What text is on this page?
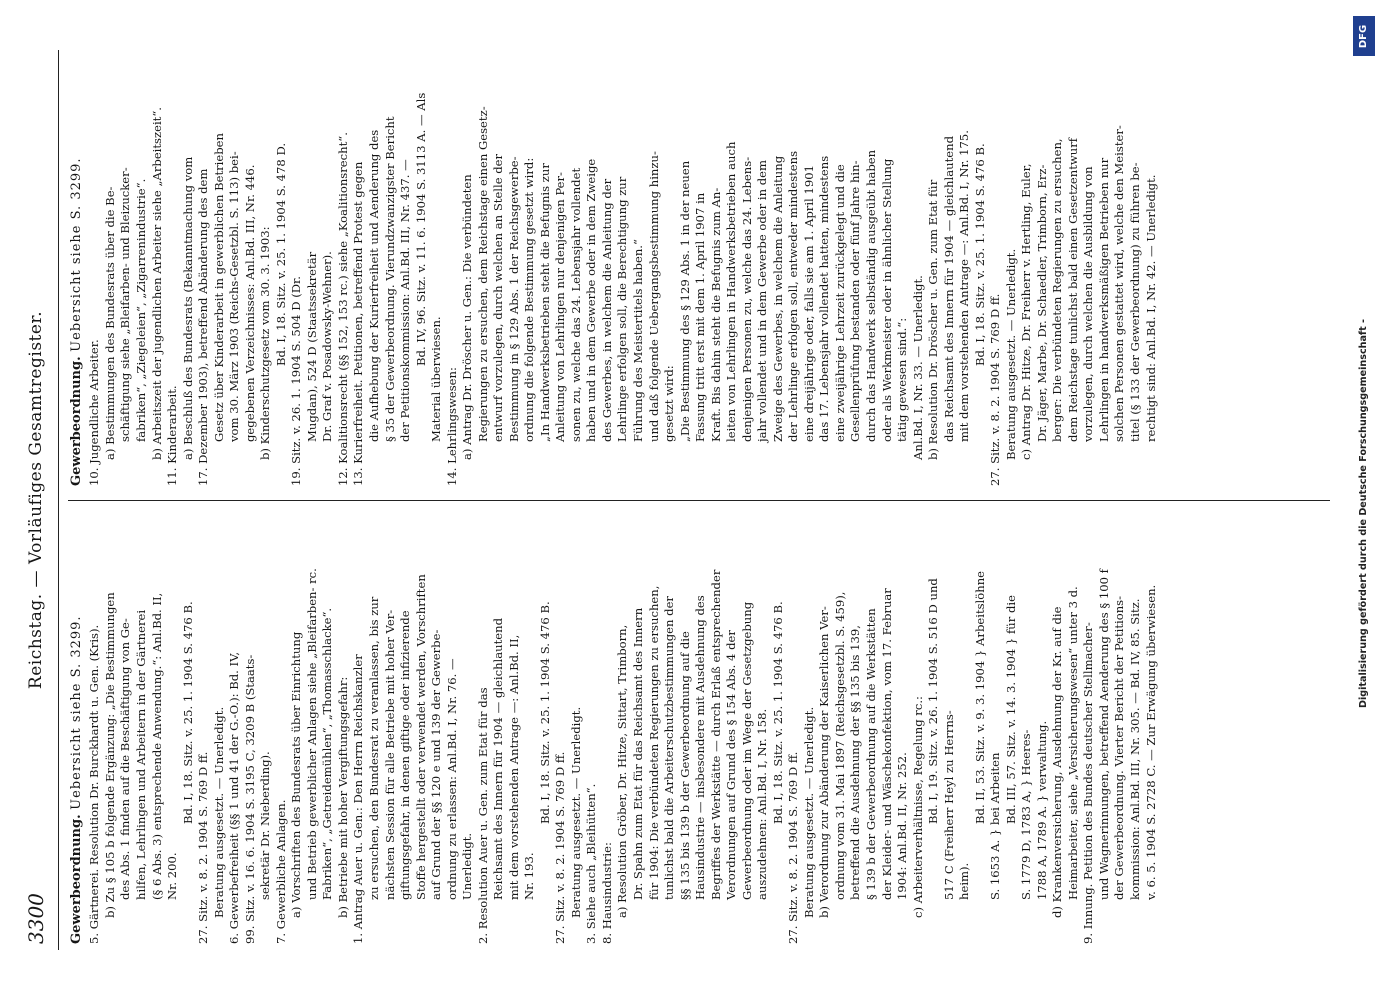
3300
Reichstag. — Vorläufiges Gesamtregister.

Gewerbeordnung. Uebersicht siehe S. 3299. 5. Gärtnerei. Resolution Dr. Burckhardt u. Gen. (Kris). b) Zu § 105 b folgende Ergänzung: „Die Bestimmungen des Abs. 1 finden auf die Beschäftigung von Ge- hilfen, Lehrlingen und Arbeitern in der Gärtnerei (§ 6 Abs. 3) entsprechende Anwendung.“: Anl.Bd. II, Nr. 200.

Bd. I, 18. Sitz. v. 25. 1. 1904 S. 476 B.

27. Sitz. v. 8. 2. 1904 S. 769 D ff. Beratung ausgesetzt. — Unerledigt. 6. Gewerbefreiheit (§§ 1 und 41 der G.-O.): Bd. IV, 99. Sitz. v. 16. 6. 1904 S. 3195 C, 3209 B (Staats- sekretär Dr. Nieberding). 7. Gewerbliche Anlagen. a) Vorschriften des Bundesrats über Einrichtung und Betrieb gewerblicher Anlagen siehe „Bleifarben- rc. Fabriken“, „Getreidemühlen“, „Thomasschlacke“. b) Betriebe mit hoher Vergiftungsgefahr: 1. Antrag Auer u. Gen.: Den Herrn Reichskanzler zu ersuchen, den Bundesrat zu veranlassen, bis zur nächsten Session für alle Betriebe mit hoher Ver- giftungsgefahr, in denen giftige oder infizierende Stoffe hergestellt oder verwendet werden, Vorschriften auf Grund der §§ 120 e und 139 der Gewerbe- ordnung zu erlassen: Anl.Bd. I, Nr. 76. — Unerledigt. 2. Resolution Auer u. Gen. zum Etat für das Reichsamt des Innern für 1904 — gleichlautend mit dem vorstehenden Antrage —: Anl.Bd. II, Nr. 193.

Bd. I, 18. Sitz. v. 25. 1. 1904 S. 476 B.

27. Sitz. v. 8. 2. 1904 S. 769 D ff. Beratung ausgesetzt. — Unerledigt. 3. Siehe auch „Bleihütten“. 8. Hausindustrie: a) Resolution Gröber, Dr. Hitze, Sittart, Trimborn, Dr. Spahn zum Etat für das Reichsamt des Innern für 1904: Die verbündeten Regierungen zu ersuchen, tunlichst bald die Arbeiterschutzbestimmungen der §§ 135 bis 139 b der Gewerbeordnung auf die Hausindustrie — insbesondere mit Ausdehnung des Begriffes der Werkstätte — durch Erlaß entsprechender Verordnungen auf Grund des § 154 Abs. 4 der Gewerbeordnung oder im Wege der Gesetzgebung auszudehnen: Anl.Bd. I, Nr. 158. Bd. I, 18. Sitz. v. 25. 1. 1904 S. 476 B.

27. Sitz. v. 8. 2. 1904 S. 769 D ff. Beratung ausgesetzt. — Unerledigt. b) Verordnung zur Abänderung der Kaiserlichen Ver- ordnung vom 31. Mai 1897 (Reichsgesetzbl. S. 459), betreffend die Ausdehnung der §§ 135 bis 139, § 139 b der Gewerbeordnung auf die Werkstätten der Kleider- und Wäschekonfektion, vom 17. Februar 1904: Anl.Bd. II, Nr. 252. c) Arbeiterverhältnisse, Regelung rc.: Bd. I, 19. Sitz. v. 26. 1. 1904 S. 516 D und 517 C (Freiherr Heyl zu Herrns- heim).

Bd. II, 53. Sitz. v. 9. 3. 1904 } Arbeitslöhne

S. 1653 A. } bei Arbeiten

Bd. III, 57. Sitz. v. 14. 3. 1904 } für die S. 1779 D, 1783 A, } Heeres- 1788 A, 1789 A. } verwaltung. d) Krankenversicherung, Ausdehnung der Kr. auf die Heimarbeiter, siehe „Versicherungswesen“ unter 3 d. 9. Innung. Petition des Bundes deutscher Stellmacher- und Wagnerinnungen, betreffend Aenderung des § 100 f der Gewerbeordnung. Vierter Bericht der Petitions- kommission: Anl.Bd. III, Nr. 305. — Bd. IV, 85. Sitz. v. 6. 5. 1904 S. 2728 C. — Zur Erwägung überwiesen.

Gewerbeordnung. Uebersicht siehe S. 3299.

10. Jugendliche Arbeiter. a) Bestimmungen des Bundesrats über die Be- schäftigung siehe „Bleifarben- und Bleizucker- fabriken“, „Ziegeleien“, „Zigarrenindustrie“. b) Arbeitszeit der jugendlichen Arbeiter siehe „Arbeitszeit“. 11. Kinderarbeit. a) Beschluß des Bundesrats (Bekanntmachung vom 17. Dezember 1903), betreffend Abänderung des dem Gesetz über Kinderarbeit in gewerblichen Betrieben vom 30. März 1903 (Reichs-Gesetzbl. S. 113) bei- gegebenen Verzeichnisses: Anl.Bd. III, Nr. 446. b) Kinderschutzgesetz vom 30. 3. 1903: Bd. I, 18. Sitz. v. 25. 1. 1904 S. 478 D.

19. Sitz. v. 26. 1. 1904 S. 504 D (Dr. Mugdan), 524 D (Staatssekretär Dr. Graf v. Posadowsky-Wehner). 12. Koalitionsrecht (§§ 152, 153 rc.) siehe „Koalitionsrecht“. 13. Kurierfreiheit. Petitionen, betreffend Protest gegen die Aufhebung der Kurierfreiheit und Aenderung des § 35 der Gewerbeordnung. Vierundzwanzigster Bericht der Petitionskommission: Anl.Bd. III, Nr. 437. — Bd. IV, 96. Sitz. v. 11. 6. 1904 S. 3113 A. — Als

Material überwiesen. 14. Lehrlingswesen: a) Antrag Dr. Dröscher u. Gen.: Die verbündeten Regierungen zu ersuchen, dem Reichstage einen Gesetz- entwurf vorzulegen, durch welchen an Stelle der Bestimmung in § 129 Abs. 1 der Reichsgewerbe- ordnung die folgende Bestimmung gesetzt wird: „In Handwerksbetrieben steht die Befugnis zur Anleitung von Lehrlingen nur denjenigen Per- sonen zu, welche das 24. Lebensjahr vollendet haben und in dem Gewerbe oder in dem Zweige des Gewerbes, in welchem die Anleitung der Lehrlinge erfolgen soll, die Berechtigung zur Führung des Meistertitels haben.“ und daß folgende Uebergangsbestimmung hinzu- gesetzt wird: „Die Bestimmung des § 129 Abs. 1 in der neuen Fassung tritt erst mit dem 1. April 1907 in Kraft. Bis dahin steht die Befugnis zum An- leiten von Lehrlingen in Handwerksbetrieben auch denjenigen Personen zu, welche das 24. Lebens- jahr vollendet und in dem Gewerbe oder in dem Zweige des Gewerbes, in welchem die Anleitung der Lehrlinge erfolgen soll, entweder mindestens eine dreijährige oder, falls sie am 1. April 1901 das 17. Lebensjahr vollendet hatten, mindestens eine zweijährige Lehrzeit zurückgelegt und die Gesellenprüfung bestanden oder fünf Jahre hin- durch das Handwerk selbständig ausgeübt haben oder als Werkmeister oder in ähnlicher Stellung tätig gewesen sind.“: Anl.Bd. I, Nr. 33. — Unerledigt. b) Resolution Dr. Dröscher u. Gen. zum Etat für das Reichsamt des Innern für 1904 — gleichlautend mit dem vorstehenden Antrage —: Anl.Bd. I, Nr. 175. Bd. I, 18. Sitz. v. 25. 1. 1904 S. 476 B.

27. Sitz. v. 8. 2. 1904 S. 769 D ff. Beratung ausgesetzt. — Unerledigt. c) Antrag Dr. Hitze, Dr. Freiherr v. Hertling, Euler, Dr. Jäger, Marbe, Dr. Schaedler, Trimborn, Erz- berger: Die verbündeten Regierungen zu ersuchen, dem Reichstage tunlichst bald einen Gesetzentwurf vorzulegen, durch welchen die Ausbildung von Lehrlingen in handwerksmäßigen Betrieben nur solchen Personen gestattet wird, welche den Meister- titel (§ 133 der Gewerbeordnung) zu führen be- rechtigt sind: Anl.Bd. I, Nr. 42. — Unerledigt.

DFG
Digitalisierung gefördert durch die Deutsche Forschungsgemeinschaft -
